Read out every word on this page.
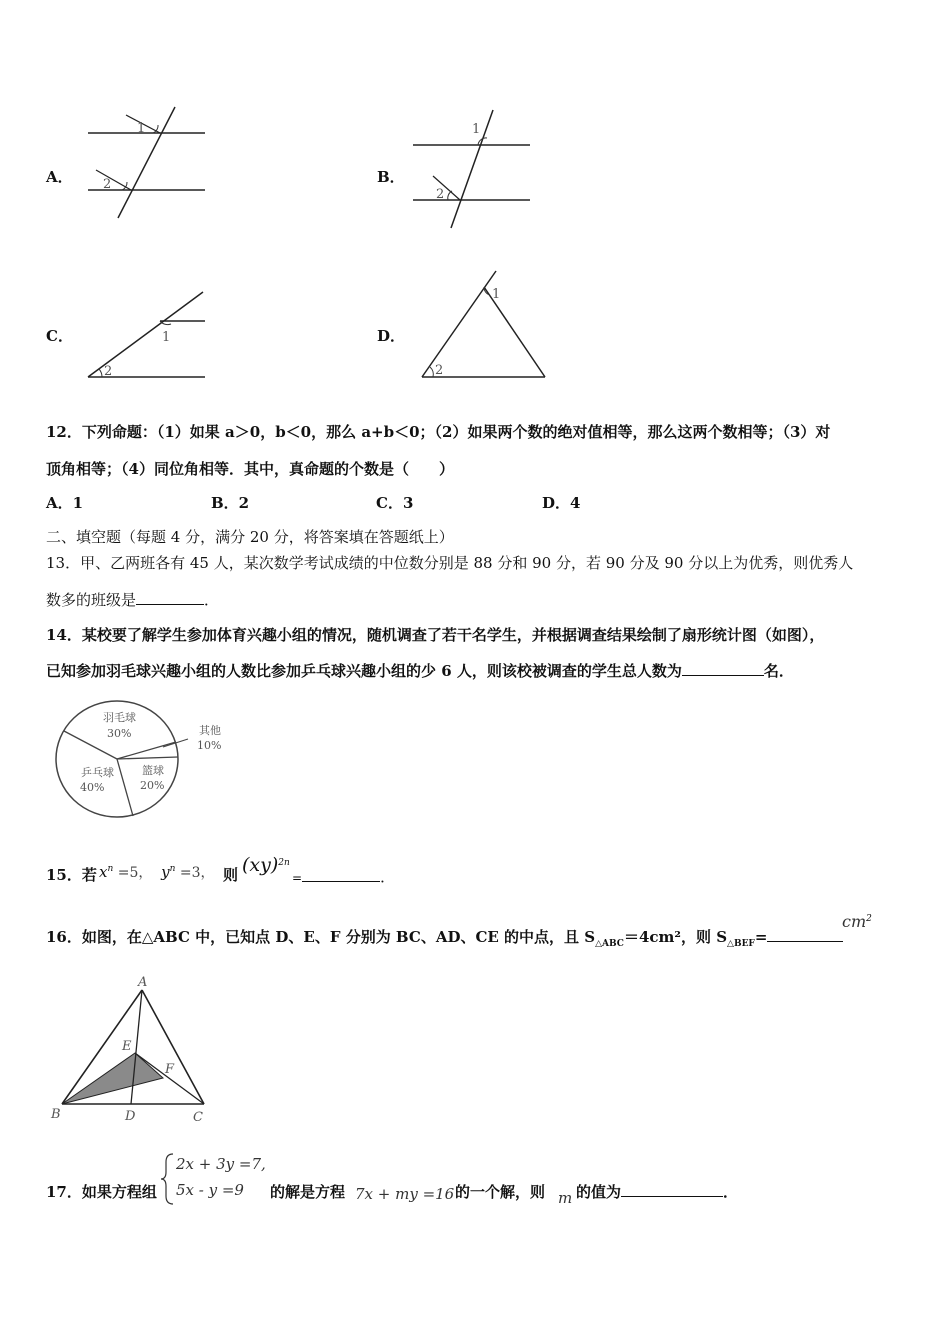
A．
1
2	B．
1
2
C．	1
2
D．
1
2
12．下列命题：（1）如果 a＞0，b＜0，那么 a+b＜0；（2）如果两个数的绝对值相等，那么这两个数相等；（3）对
顶角相等；（4）同位角相等．其中，真命题的个数是（　　）
A．1	B．2	C．3	D．4
二、填空题（每题 4 分，满分 20 分，将答案填在答题纸上）
13．甲、乙两班各有 45 人，某次数学考试成绩的中位数分别是 88 分和 90 分，若 90 分及 90 分以上为优秀，则优秀人
数多的班级是	．
14．某校要了解学生参加体育兴趣小组的情况，随机调查了若干名学生，并根据调查结果绘制了扇形统计图（如图），
已知参加羽毛球兴趣小组的人数比参加乒乓球兴趣小组的少 6 人，则该校被调查的学生总人数为	名．
羽毛球
30%	其他
10%
乒乓球
40%
篮球
20%
15．若 $x^n =5$， $y^n =3$， 则 (xy)$^{2n}$
=	．
16．如图，在△ABC 中，已知点 D、E、F 分别为 BC、AD、CE 的中点，且 $S_{\triangle ABC}=4cm^2$，则 $S_{\triangle BEF}=$
$cm^2$
A
B	C
D
E
F
17．如果方程组
2x + 3y =7,
5x - y =9 的解是方程 7x + my =16 的一个解，则 m 的值为	．
